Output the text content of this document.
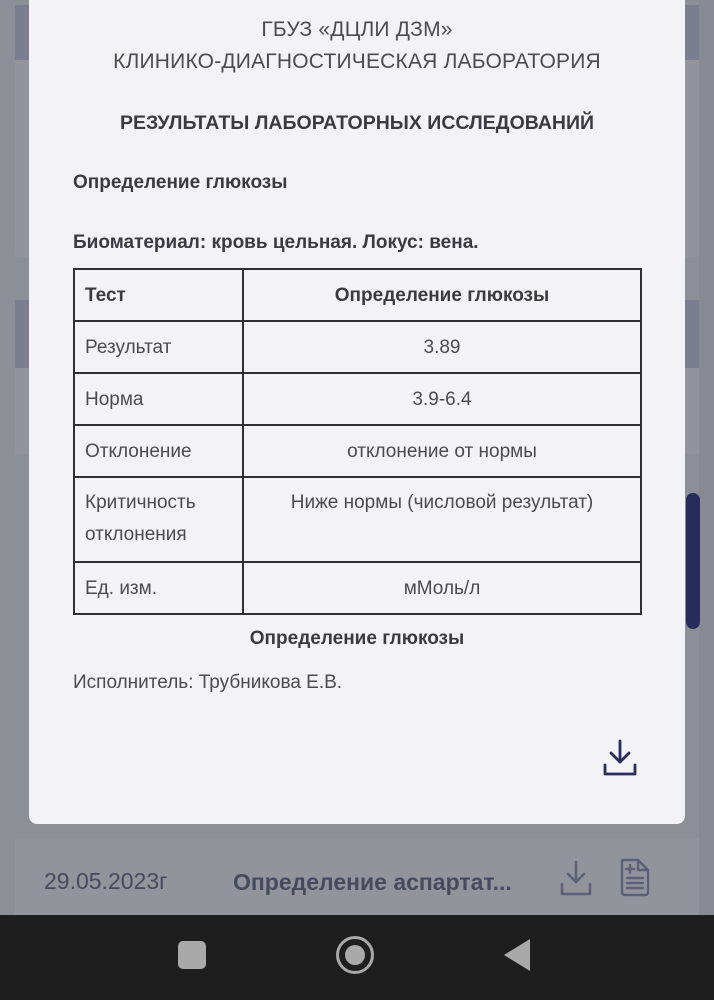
29.05.2023г	Определение аспартат...
ГБУЗ «ДЦЛИ ДЗМ»
КЛИНИКО-ДИАГНОСТИЧЕСКАЯ ЛАБОРАТОРИЯ
РЕЗУЛЬТАТЫ ЛАБОРАТОРНЫХ ИССЛЕДОВАНИЙ
Определение глюкозы
Биоматериал: кровь цельная. Локус: вена.
Тест	Определение глюкозы
Результат	3.89
Норма	3.9-6.4
Отклонение	отклонение от нормы
Критичность отклонения	Ниже нормы (числовой результат)
Ед. изм.	мМоль/л
Определение глюкозы
Исполнитель: Трубникова Е.В.
